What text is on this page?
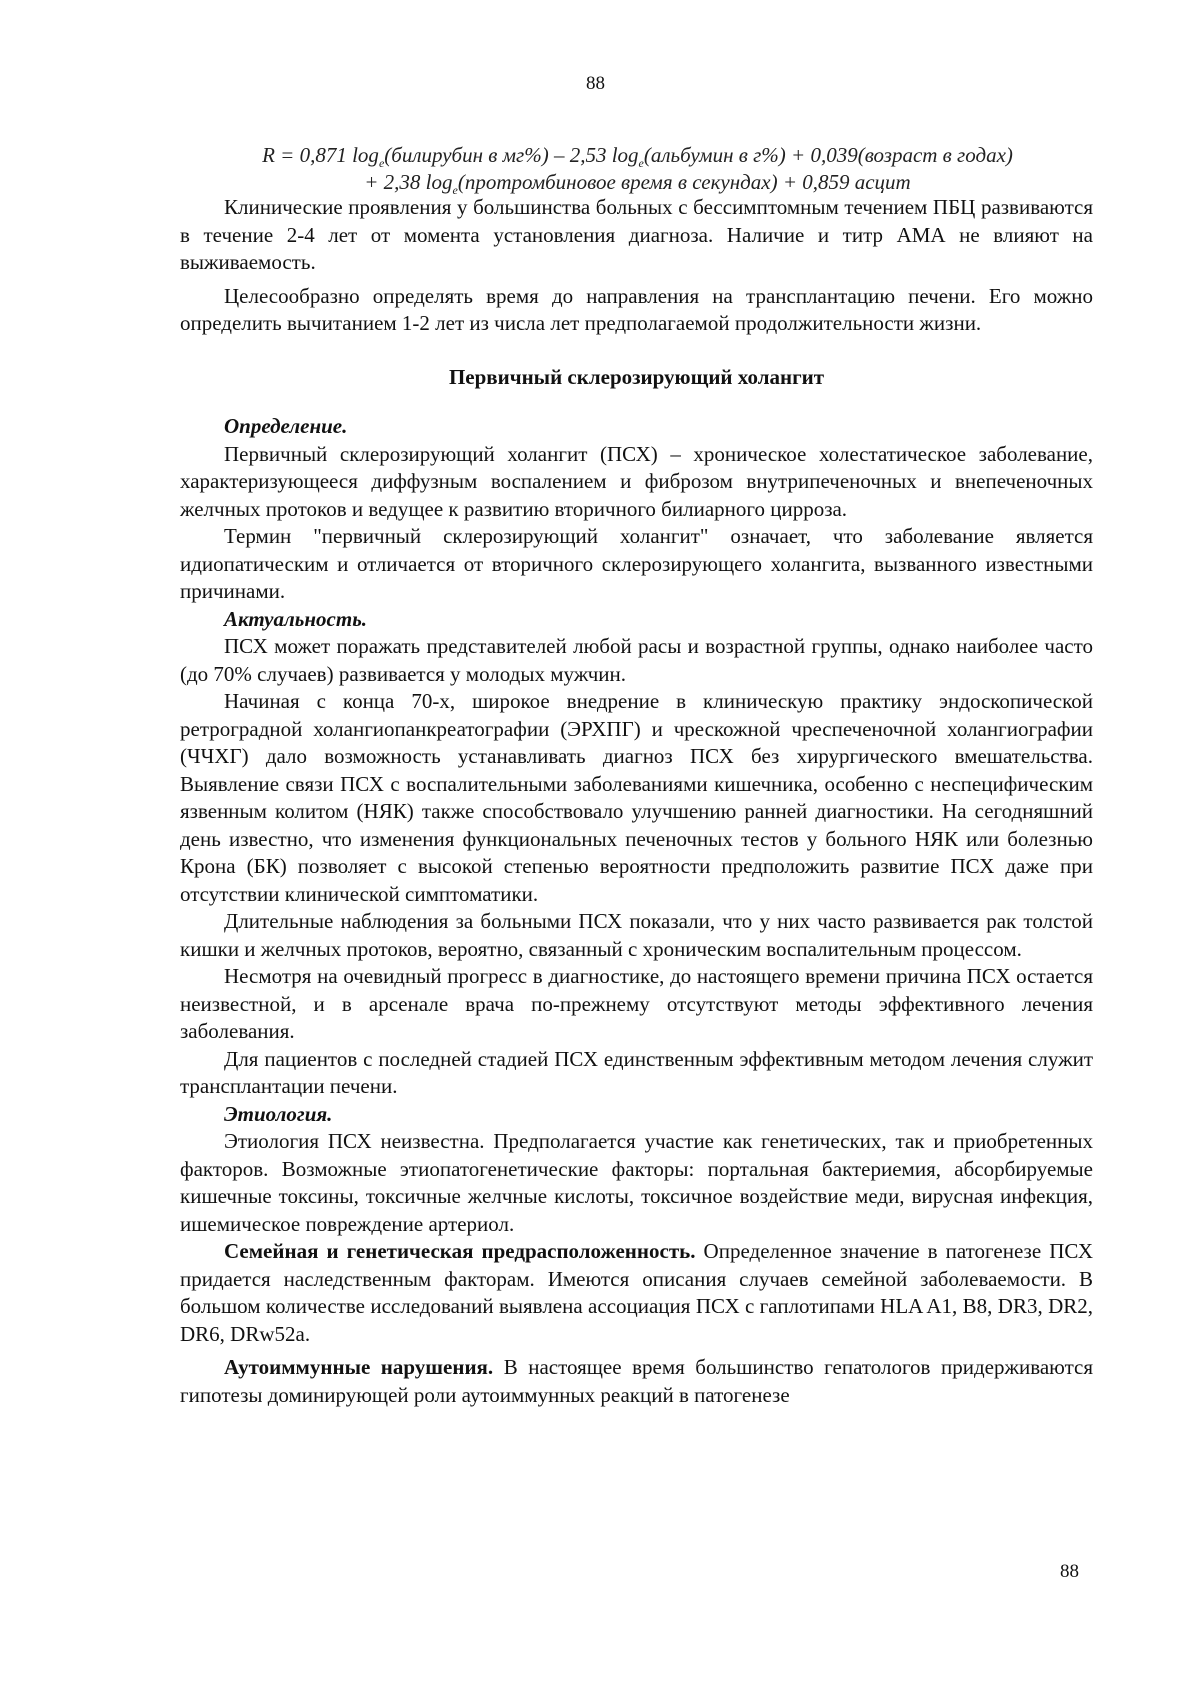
88
R = 0,871 $\log_e(билирубин$ в мг%) – 2,53 $\log_e(альбумин$ в г%) + 0,039(возраст в годах)
+ 2,38 $\log_e(протромбиновое$ время в секундах) + 0,859 асцит

Клинические проявления у большинства больных с бессимптомным течением ПБЦ развиваются в течение 2-4 лет от момента установления диагноза. Наличие и титр АМА не влияют на выживаемость.

Целесообразно определять время до направления на трансплантацию печени. Его можно определить вычитанием 1-2 лет из числа лет предполагаемой продолжительности жизни.

Первичный склерозирующий холангит

Определение.

Первичный склерозирующий холангит (ПСХ) – хроническое холестатическое заболевание, характеризующееся диффузным воспалением и фиброзом внутрипеченочных и внепеченочных желчных протоков и ведущее к развитию вторичного билиарного цирроза.

Термин "первичный склерозирующий холангит" означает, что заболевание является идиопатическим и отличается от вторичного склерозирующего холангита, вызванного известными причинами.

Актуальность.

ПСХ может поражать представителей любой расы и возрастной группы, однако наиболее часто (до 70% случаев) развивается у молодых мужчин.

Начиная с конца 70-х, широкое внедрение в клиническую практику эндоскопической ретроградной холангиопанкреатографии (ЭРХПГ) и чрескожной чреспеченочной холангиографии (ЧЧХГ) дало возможность устанавливать диагноз ПСХ без хирургического вмешательства. Выявление связи ПСХ с воспалительными заболеваниями кишечника, особенно с неспецифическим язвенным колитом (НЯК) также способствовало улучшению ранней диагностики. На сегодняшний день известно, что изменения функциональных печеночных тестов у больного НЯК или болезнью Крона (БК) позволяет с высокой степенью вероятности предположить развитие ПСХ даже при отсутствии клинической симптоматики.

Длительные наблюдения за больными ПСХ показали, что у них часто развивается рак толстой кишки и желчных протоков, вероятно, связанный с хроническим воспалительным процессом.

Несмотря на очевидный прогресс в диагностике, до настоящего времени причина ПСХ остается неизвестной, и в арсенале врача по-прежнему отсутствуют методы эффективного лечения заболевания.

Для пациентов с последней стадией ПСХ единственным эффективным методом лечения служит трансплантации печени.

Этиология.

Этиология ПСХ неизвестна. Предполагается участие как генетических, так и приобретенных факторов. Возможные этиопатогенетические факторы: портальная бактериемия, абсорбируемые кишечные токсины, токсичные желчные кислоты, токсичное воздействие меди, вирусная инфекция, ишемическое повреждение артериол.

Семейная и генетическая предрасположенность. Определенное значение в патогенезе ПСХ придается наследственным факторам. Имеются описания случаев семейной заболеваемости. В большом количестве исследований выявлена ассоциация ПСХ с гаплотипами HLA A1, B8, DR3, DR2, DR6, DRw52a.

Аутоиммунные нарушения. В настоящее время большинство гепатологов придерживаются гипотезы доминирующей роли аутоиммунных реакций в патогенезе

88
